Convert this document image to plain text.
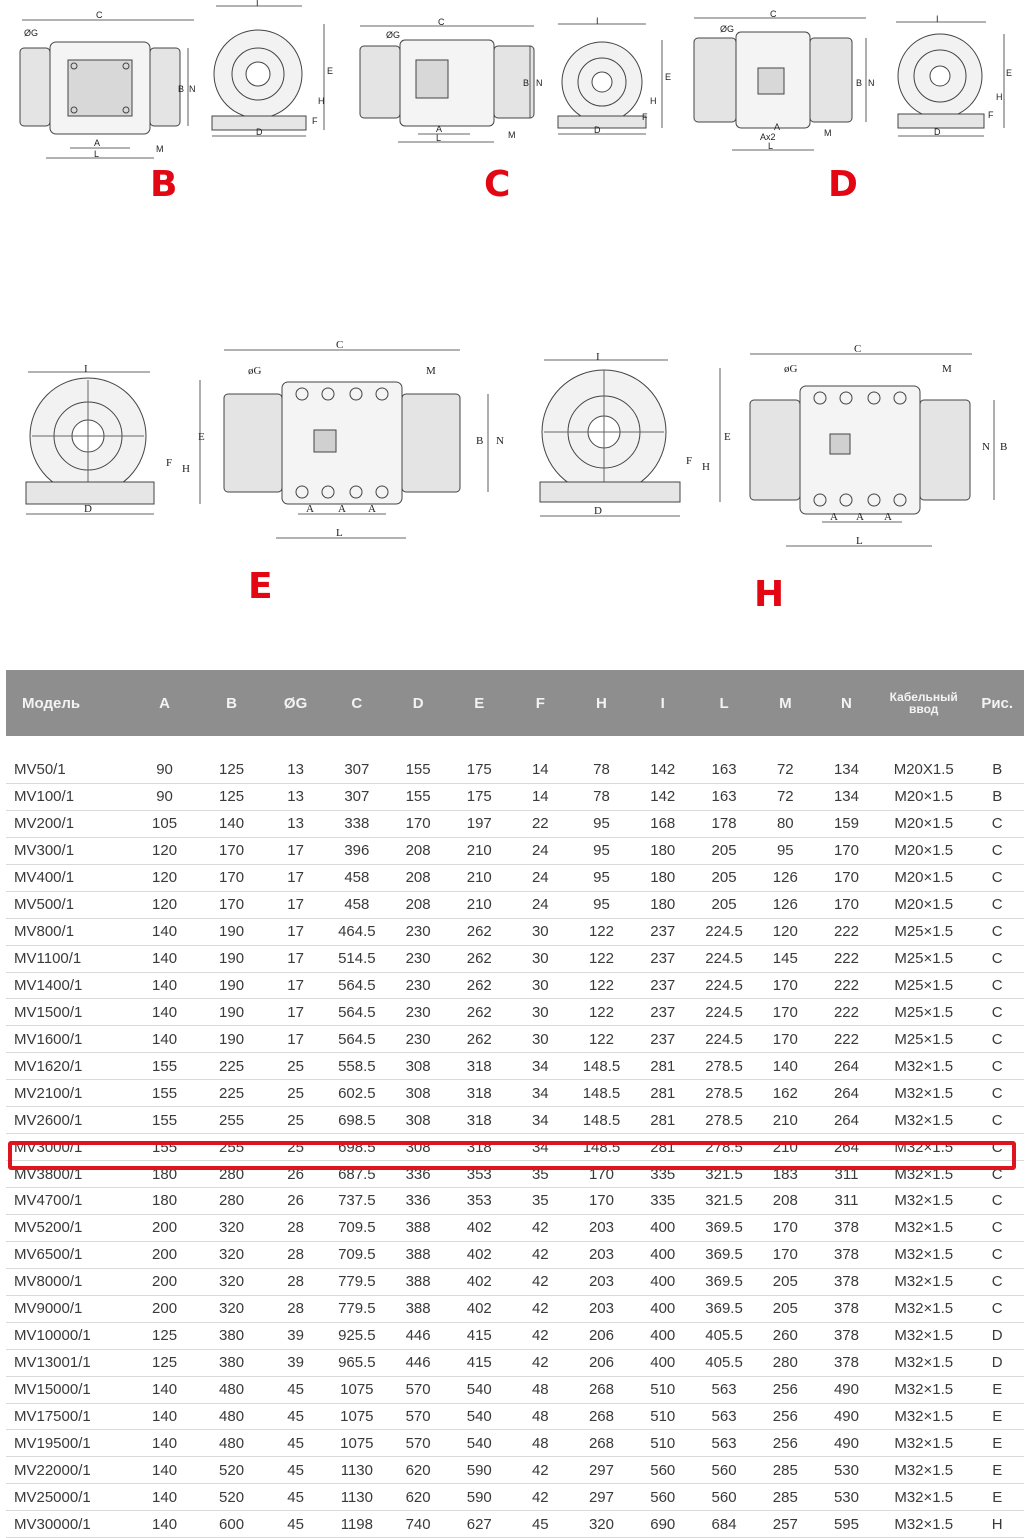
C
ØG
B N
A
L	M
I
E
H
F
D
B
C
ØG
B N
A
L	M
I
E
H
F
D
C
C
ØG
B N
A
Ax2
L
M
I
E
H
F
D
D
I
E
F H
D
C
øG	M
B N
A A A
L
E
I
E
F H
D
C
øG	M
N B
A A A
L
H
Модель	A	B	ØG	C	D	E	F	H	I	L	M	N	Кабельный ввод	Рис.

MV50/1	90	125	13	307	155	175	14	78	142	163	72	134	M20X1.5	B
MV100/1	90	125	13	307	155	175	14	78	142	163	72	134	M20×1.5	B
MV200/1	105	140	13	338	170	197	22	95	168	178	80	159	M20×1.5	C
MV300/1	120	170	17	396	208	210	24	95	180	205	95	170	M20×1.5	C
MV400/1	120	170	17	458	208	210	24	95	180	205	126	170	M20×1.5	C
MV500/1	120	170	17	458	208	210	24	95	180	205	126	170	M20×1.5	C
MV800/1	140	190	17	464.5	230	262	30	122	237	224.5	120	222	M25×1.5	C
MV1100/1	140	190	17	514.5	230	262	30	122	237	224.5	145	222	M25×1.5	C
MV1400/1	140	190	17	564.5	230	262	30	122	237	224.5	170	222	M25×1.5	C
MV1500/1	140	190	17	564.5	230	262	30	122	237	224.5	170	222	M25×1.5	C
MV1600/1	140	190	17	564.5	230	262	30	122	237	224.5	170	222	M25×1.5	C
MV1620/1	155	225	25	558.5	308	318	34	148.5	281	278.5	140	264	M32×1.5	C
MV2100/1	155	225	25	602.5	308	318	34	148.5	281	278.5	162	264	M32×1.5	C
MV2600/1	155	255	25	698.5	308	318	34	148.5	281	278.5	210	264	M32×1.5	C
MV3000/1	155	255	25	698.5	308	318	34	148.5	281	278.5	210	264	M32×1.5	C
MV3800/1	180	280	26	687.5	336	353	35	170	335	321.5	183	311	M32×1.5	C
MV4700/1	180	280	26	737.5	336	353	35	170	335	321.5	208	311	M32×1.5	C
MV5200/1	200	320	28	709.5	388	402	42	203	400	369.5	170	378	M32×1.5	C
MV6500/1	200	320	28	709.5	388	402	42	203	400	369.5	170	378	M32×1.5	C
MV8000/1	200	320	28	779.5	388	402	42	203	400	369.5	205	378	M32×1.5	C
MV9000/1	200	320	28	779.5	388	402	42	203	400	369.5	205	378	M32×1.5	C
MV10000/1	125	380	39	925.5	446	415	42	206	400	405.5	260	378	M32×1.5	D
MV13001/1	125	380	39	965.5	446	415	42	206	400	405.5	280	378	M32×1.5	D
MV15000/1	140	480	45	1075	570	540	48	268	510	563	256	490	M32×1.5	E
MV17500/1	140	480	45	1075	570	540	48	268	510	563	256	490	M32×1.5	E
MV19500/1	140	480	45	1075	570	540	48	268	510	563	256	490	M32×1.5	E
MV22000/1	140	520	45	1130	620	590	42	297	560	560	285	530	M32×1.5	E
MV25000/1	140	520	45	1130	620	590	42	297	560	560	285	530	M32×1.5	E
MV30000/1	140	600	45	1198	740	627	45	320	690	684	257	595	M32×1.5	H
